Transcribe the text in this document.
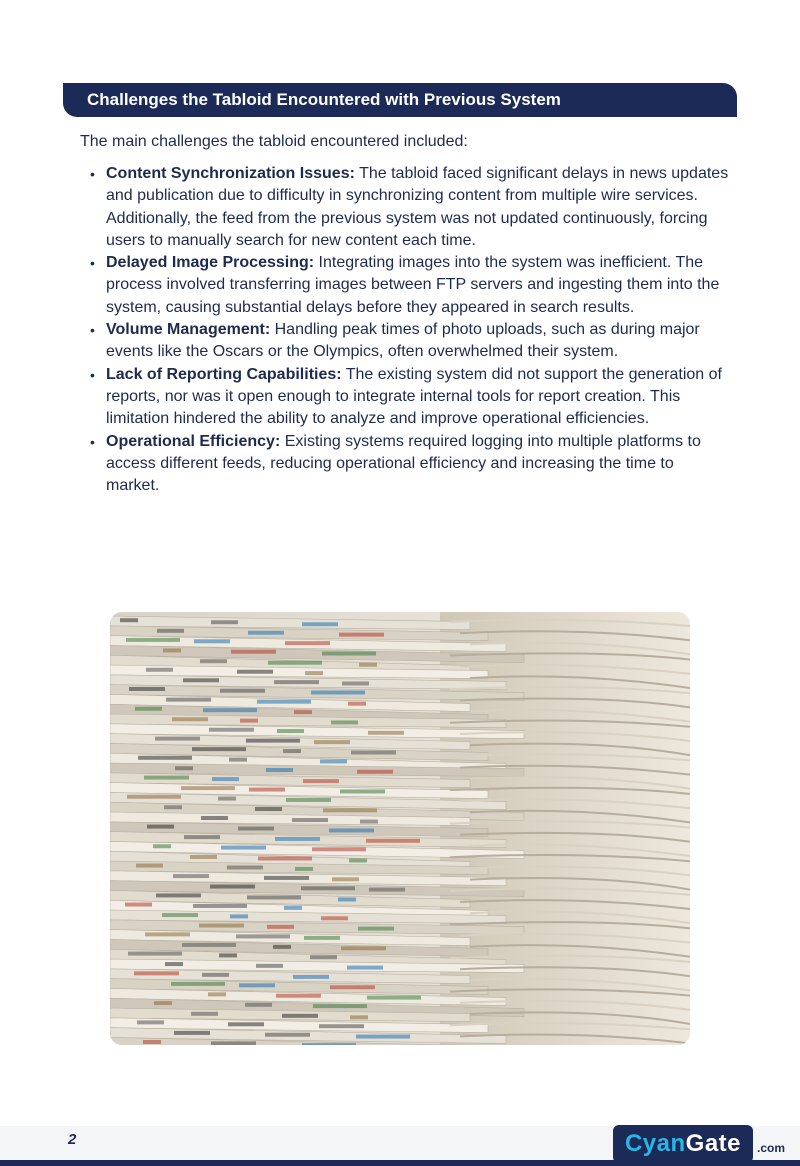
Challenges the Tabloid Encountered with Previous System

The main challenges the tabloid encountered included:

• Content Synchronization Issues: The tabloid faced significant delays in news updates and publication due to difficulty in synchronizing content from multiple wire services. Additionally, the feed from the previous system was not updated continuously, forcing users to manually search for new content each time.
• Delayed Image Processing: Integrating images into the system was inefficient. The process involved transferring images between FTP servers and ingesting them into the system, causing substantial delays before they appeared in search results.
• Volume Management: Handling peak times of photo uploads, such as during major events like the Oscars or the Olympics, often overwhelmed their system.
• Lack of Reporting Capabilities: The existing system did not support the generation of reports, nor was it open enough to integrate internal tools for report creation. This limitation hindered the ability to analyze and improve operational efficiencies.
• Operational Efficiency: Existing systems required logging into multiple platforms to access different feeds, reducing operational efficiency and increasing the time to market.
2	Cyan Gate .com
